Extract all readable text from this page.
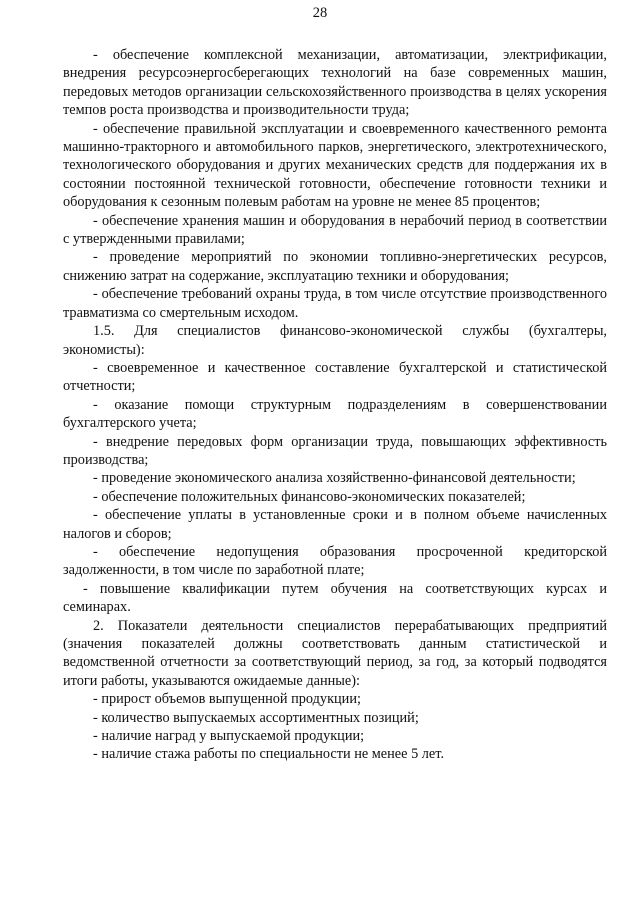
28

- обеспечение комплексной механизации, автоматизации, электрификации, внедрения ресурсоэнергосберегающих технологий на базе современных машин, передовых методов организации сельскохозяйственного производства в целях ускорения темпов роста производства и производительности труда;

- обеспечение правильной эксплуатации и своевременного качественного ремонта машинно-тракторного и автомобильного парков, энергетического, электротехнического, технологического оборудования и других механических средств для поддержания их в состоянии постоянной технической готовности, обеспечение готовности техники и оборудования к сезонным полевым работам на уровне не менее 85 процентов;

- обеспечение хранения машин и оборудования в нерабочий период в соответствии с утвержденными правилами;

- проведение мероприятий по экономии топливно-энергетических ресурсов, снижению затрат на содержание, эксплуатацию техники и оборудования;

- обеспечение требований охраны труда, в том числе отсутствие производственного травматизма со смертельным исходом.

1.5. Для специалистов финансово-экономической службы (бухгалтеры, экономисты):

- своевременное и качественное составление бухгалтерской и статистической отчетности;

- оказание помощи структурным подразделениям в совершенствовании бухгалтерского учета;

- внедрение передовых форм организации труда, повышающих эффективность производства;

- проведение экономического анализа хозяйственно-финансовой деятельности;

- обеспечение положительных финансово-экономических показателей;

- обеспечение уплаты в установленные сроки и в полном объеме начисленных налогов и сборов;

- обеспечение недопущения образования просроченной кредиторской задолженности, в том числе по заработной плате;

- повышение квалификации путем обучения на соответствующих курсах и семинарах.

2. Показатели деятельности специалистов перерабатывающих предприятий (значения показателей должны соответствовать данным статистической и ведомственной отчетности за соответствующий период, за год, за который подводятся итоги работы, указываются ожидаемые данные):

- прирост объемов выпущенной продукции;

- количество выпускаемых ассортиментных позиций;

- наличие наград у выпускаемой продукции;

- наличие стажа работы по специальности не менее 5 лет.
